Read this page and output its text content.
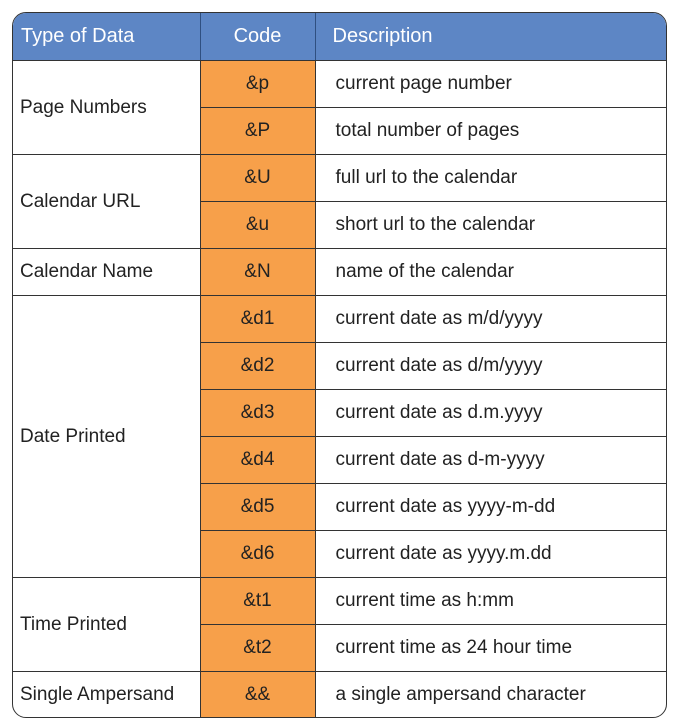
Type of Data	Code	Description
Page Numbers	&p	current page number
	&P	total number of pages
Calendar URL	&U	full url to the calendar
	&u	short url to the calendar
Calendar Name	&N	name of the calendar
Date Printed	&d1	current date as m/d/yyyy
	&d2	current date as d/m/yyyy
	&d3	current date as d.m.yyyy
	&d4	current date as d-m-yyyy
	&d5	current date as yyyy-m-dd
	&d6	current date as yyyy.m.dd
Time Printed	&t1	current time as h:mm
	&t2	current time as 24 hour time
Single Ampersand	&&	a single ampersand character
